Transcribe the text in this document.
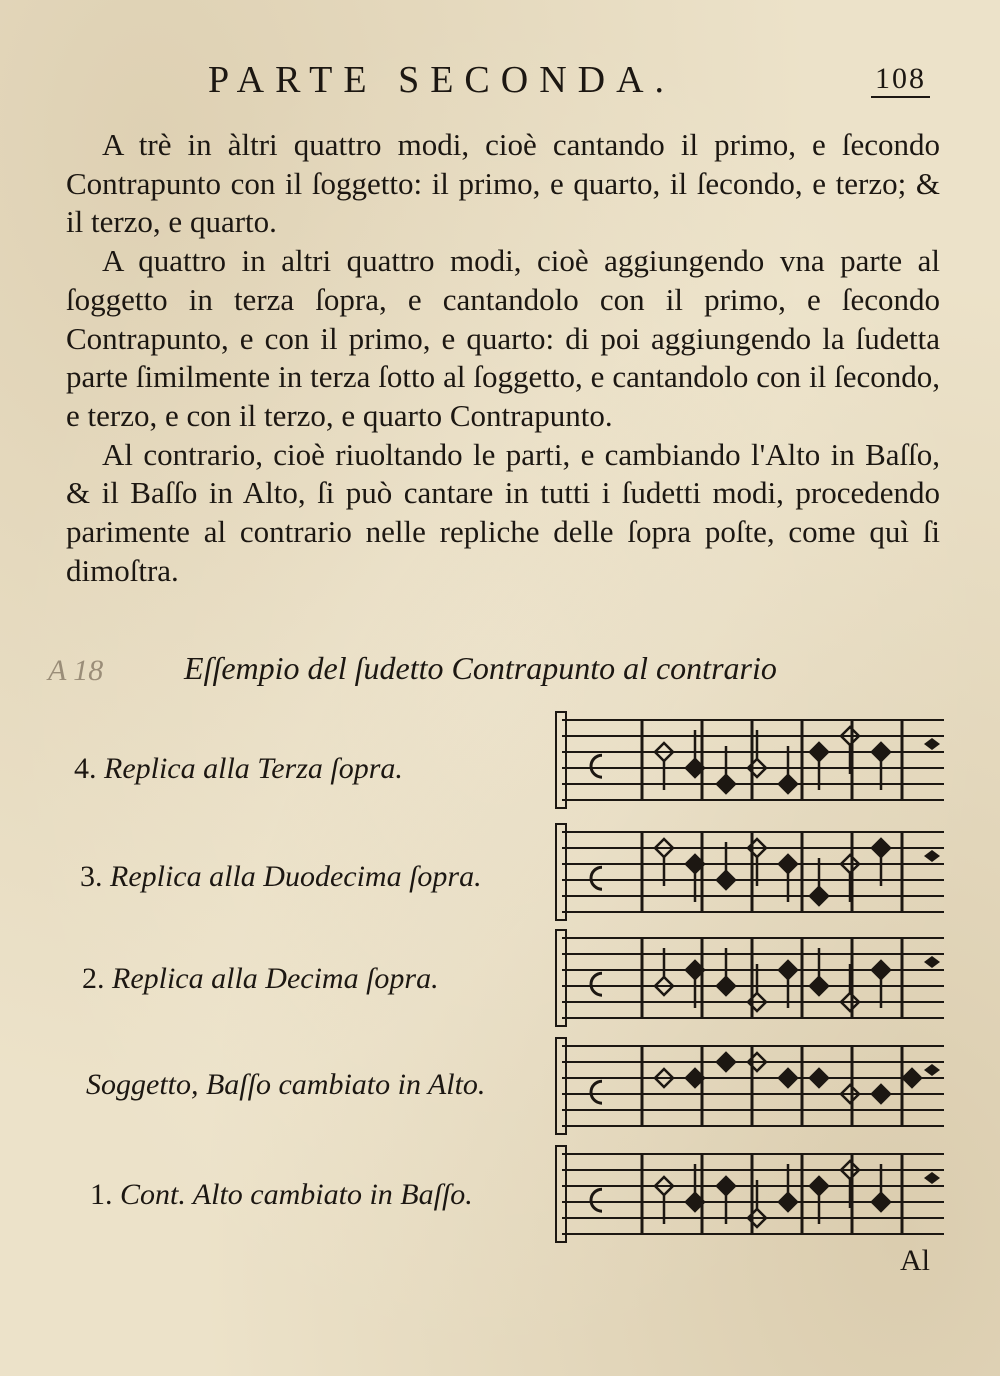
PARTE SECONDA.	108

A trè in àltri quattro modi, cioè cantando il primo, e ſecondo Contrapunto con il ſoggetto: il primo, e quarto, il ſecondo, e terzo; & il terzo, e quarto.

A quattro in altri quattro modi, cioè aggiungendo vna parte al ſoggetto in terza ſopra, e cantandolo con il primo, e ſecondo Contrapunto, e con il primo, e quarto: di poi aggiungendo la ſudetta parte ſimilmente in terza ſotto al ſoggetto, e cantandolo con il ſecondo, e terzo, e con il terzo, e quarto Contrapunto.

Al contrario, cioè riuoltando le parti, e cambiando l'Alto in Baſſo, & il Baſſo in Alto, ſi può cantare in tutti i ſudetti modi, procedendo parimente al contrario nelle repliche delle ſopra poſte, come quì ſi dimoſtra.

A 18	Eſſempio del ſudetto Contrapunto al contrario
4. Replica alla Terza ſopra.
3. Replica alla Duodecima ſopra.
2. Replica alla Decima ſopra.
Soggetto, Baſſo cambiato in Alto.
1. Cont. Alto cambiato in Baſſo.
Al
